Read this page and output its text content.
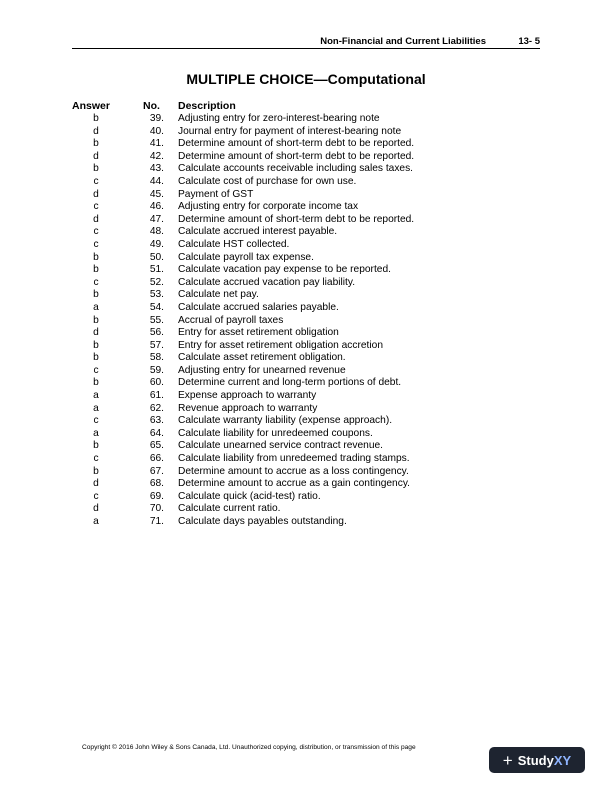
Non-Financial and Current Liabilities	13- 5
MULTIPLE CHOICE—Computational
Answer	No. Description
b	39. Adjusting entry for zero-interest-bearing note
d	40. Journal entry for payment of interest-bearing note
b	41. Determine amount of short-term debt to be reported.
d	42. Determine amount of short-term debt to be reported.
b	43. Calculate accounts receivable including sales taxes.
c	44. Calculate cost of purchase for own use.
d	45. Payment of GST
c	46. Adjusting entry for corporate income tax
d	47. Determine amount of short-term debt to be reported.
c	48. Calculate accrued interest payable.
c	49. Calculate HST collected.
b	50. Calculate payroll tax expense.
b	51. Calculate vacation pay expense to be reported.
c	52. Calculate accrued vacation pay liability.
b	53. Calculate net pay.
a	54. Calculate accrued salaries payable.
b	55. Accrual of payroll taxes
d	56. Entry for asset retirement obligation
b	57. Entry for asset retirement obligation accretion
b	58. Calculate asset retirement obligation.
c	59. Adjusting entry for unearned revenue
b	60. Determine current and long-term portions of debt.
a	61. Expense approach to warranty
a	62. Revenue approach to warranty
c	63. Calculate warranty liability (expense approach).
a	64. Calculate liability for unredeemed coupons.
b	65. Calculate unearned service contract revenue.
c	66. Calculate liability from unredeemed trading stamps.
b	67. Determine amount to accrue as a loss contingency.
d	68. Determine amount to accrue as a gain contingency.
c	69. Calculate quick (acid-test) ratio.
d	70. Calculate current ratio.
a	71. Calculate days payables outstanding.
Copyright © 2016 John Wiley & Sons Canada, Ltd. Unauthorized copying, distribution, or transmission of this page
+ Study XY
